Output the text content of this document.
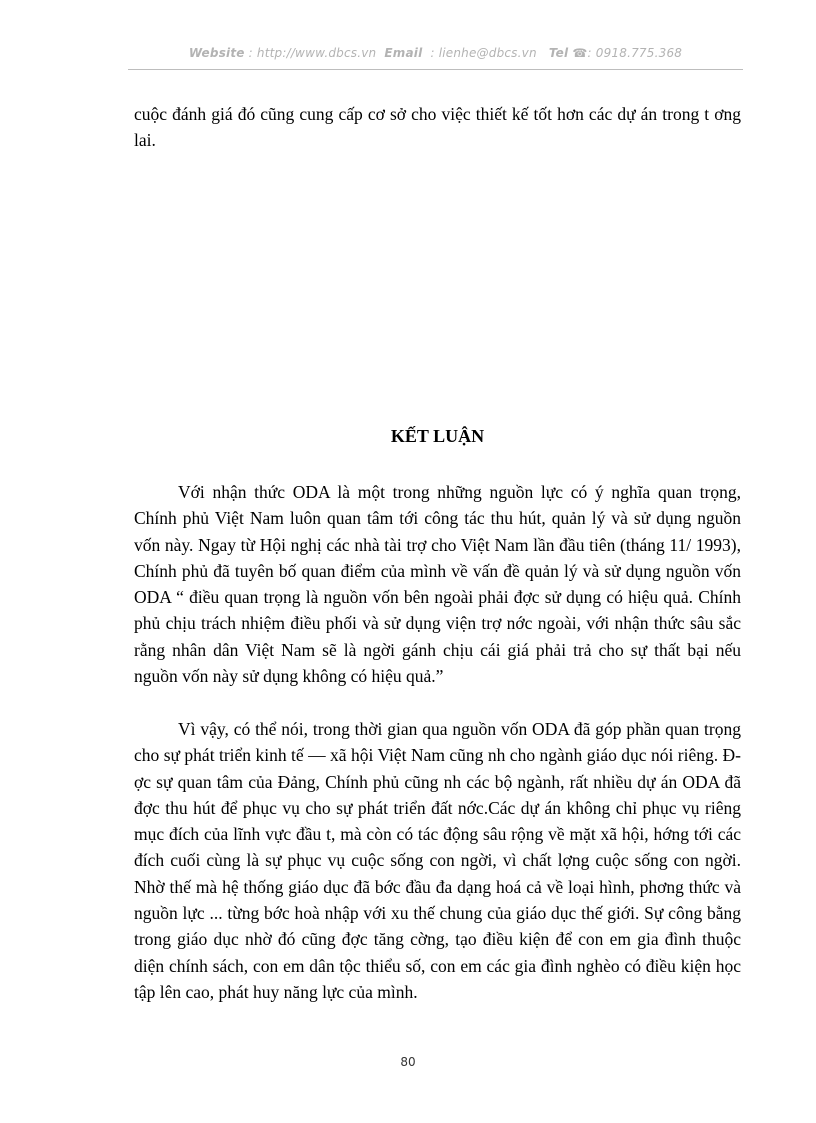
Website : http://www.dbcs.vn Email : lienhe@dbcs.vn Tel ☎: 0918.775.368

cuộc đánh giá đó cũng cung cấp cơ sở cho việc thiết kế tốt hơn các dự án trong t ơng lai.

KẾT LUẬN

Với nhận thức ODA là một trong những nguồn lực có ý nghĩa quan trọng, Chính phủ Việt Nam luôn quan tâm tới công tác thu hút, quản lý và sử dụng nguồn vốn này. Ngay từ Hội nghị các nhà tài trợ cho Việt Nam lần đầu tiên (tháng 11/ 1993), Chính phủ đã tuyên bố quan điểm của mình về vấn đề quản lý và sử dụng nguồn vốn ODA “ điều quan trọng là nguồn vốn bên ngoài phải đợc sử dụng có hiệu quả. Chính phủ chịu trách nhiệm điều phối và sử dụng viện trợ nớc ngoài, với nhận thức sâu sắc rằng nhân dân Việt Nam sẽ là ngời gánh chịu cái giá phải trả cho sự thất bại nếu nguồn vốn này sử dụng không có hiệu quả.”

Vì vậy, có thể nói, trong thời gian qua nguồn vốn ODA đã góp phần quan trọng cho sự phát triển kinh tế — xã hội Việt Nam cũng nh cho ngành giáo dục nói riêng. Đợc sự quan tâm của Đảng, Chính phủ cũng nh các bộ ngành, rất nhiều dự án ODA đã đợc thu hút để phục vụ cho sự phát triển đất nớc.Các dự án không chỉ phục vụ riêng mục đích của lĩnh vực đầu t, mà còn có tác động sâu rộng về mặt xã hội, hớng tới các đích cuối cùng là sự phục vụ cuộc sống con ngời, vì chất lợng cuộc sống con ngời. Nhờ thế mà hệ thống giáo dục đã bớc đầu đa dạng hoá cả về loại hình, phơng thức và nguồn lực ... từng bớc hoà nhập với xu thế chung của giáo dục thế giới. Sự công bằng trong giáo dục nhờ đó cũng đợc tăng cờng, tạo điều kiện để con em gia đình thuộc diện chính sách, con em dân tộc thiểu số, con em các gia đình nghèo có điều kiện học tập lên cao, phát huy năng lực của mình.

80
